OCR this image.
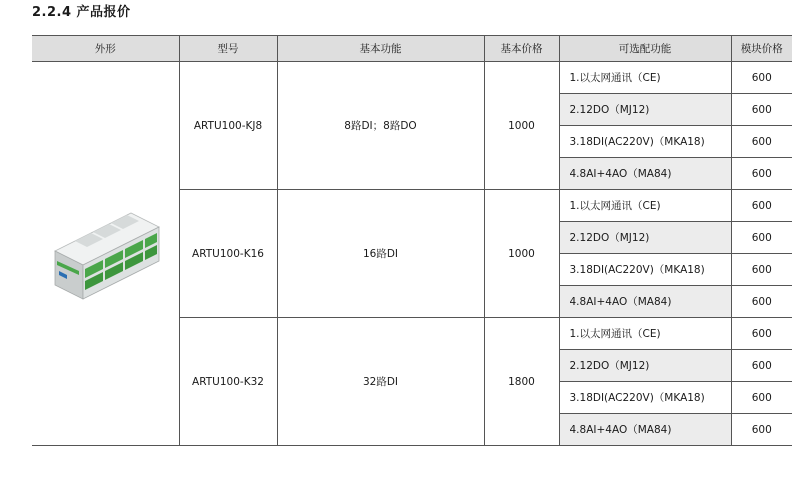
2.2.4 产品报价
外形	型号	基本功能	基本价格	可选配功能	模块价格

	ARTU100-KJ8	8路DI；8路DO	1000	1.以太网通讯（CE)	600
				2.12DO（MJ12)	600
				3.18DI(AC220V)（MKA18)	600
				4.8AI+4AO（MA84)	600
	ARTU100-K16	16路DI	1000	1.以太网通讯（CE)	600
				2.12DO（MJ12)	600
				3.18DI(AC220V)（MKA18)	600
				4.8AI+4AO（MA84)	600
	ARTU100-K32	32路DI	1800	1.以太网通讯（CE)	600
				2.12DO（MJ12)	600
				3.18DI(AC220V)（MKA18)	600
				4.8AI+4AO（MA84)	600
